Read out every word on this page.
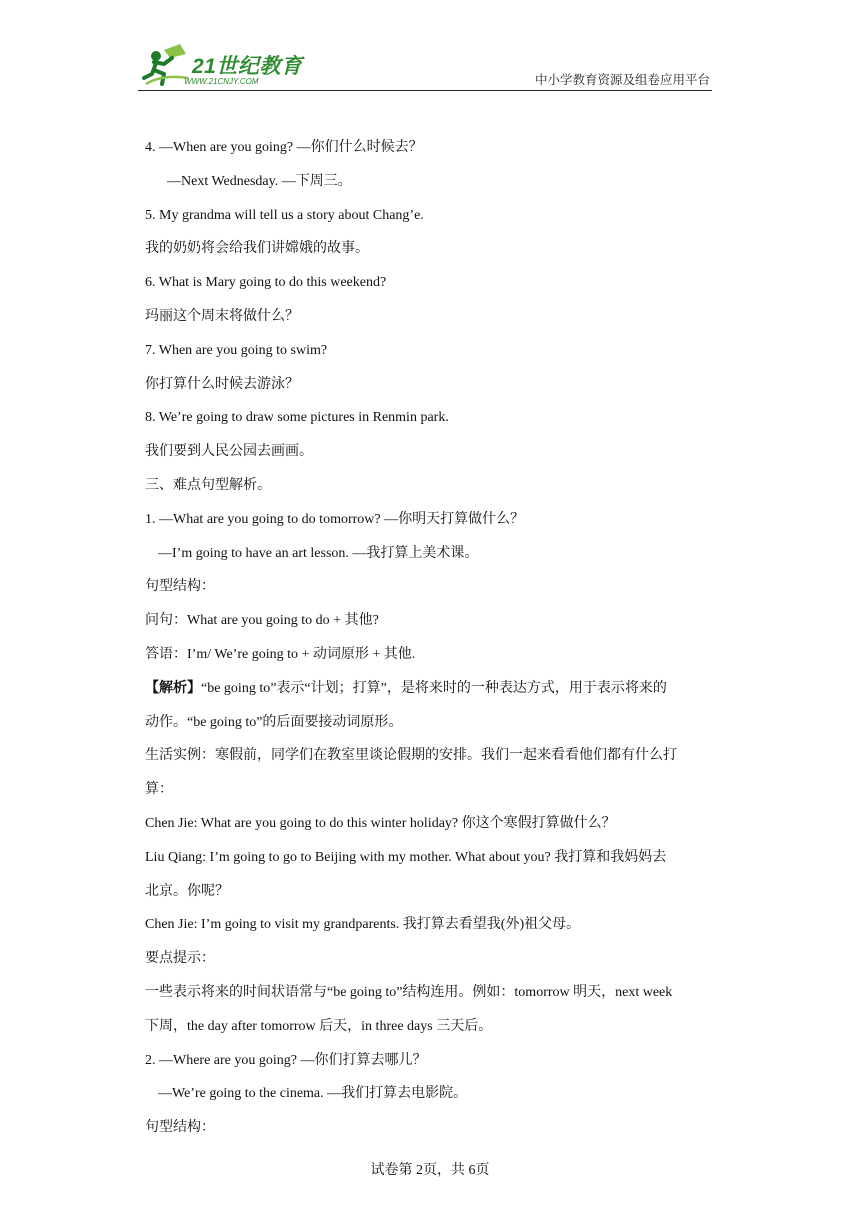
21世纪教育
WWW.21CNJY.COM	中小学教育资源及组卷应用平台
4. —When are you going? —你们什么时候去？
—Next Wednesday. —下周三。
5. My grandma will tell us a story about Chang’e.
我的奶奶将会给我们讲嫦娥的故事。
6. What is Mary going to do this weekend?
玛丽这个周末将做什么？
7. When are you going to swim?
你打算什么时候去游泳？
8. We’re going to draw some pictures in Renmin park.
我们要到人民公园去画画。
三、难点句型解析。
1. —What are you going to do tomorrow? —你明天打算做什么？
—I’m going to have an art lesson. —我打算上美术课。
句型结构：
问句：What are you going to do + 其他?
答语：I’m/ We’re going to + 动词原形 + 其他.
【解析】“be going to”表示“计划；打算”，是将来时的一种表达方式，用于表示将来的
动作。“be going to”的后面要接动词原形。
生活实例：寒假前，同学们在教室里谈论假期的安排。我们一起来看看他们都有什么打
算：
Chen Jie: What are you going to do this winter holiday? 你这个寒假打算做什么？
Liu Qiang: I’m going to go to Beijing with my mother. What about you? 我打算和我妈妈去
北京。你呢？
Chen Jie: I’m going to visit my grandparents. 我打算去看望我(外)祖父母。
要点提示：
一些表示将来的时间状语常与“be going to”结构连用。例如：tomorrow 明天，next week
下周，the day after tomorrow 后天，in three days 三天后。
2. —Where are you going? —你们打算去哪儿？
—We’re going to the cinema. —我们打算去电影院。
句型结构：
试卷第 2页，共 6页
